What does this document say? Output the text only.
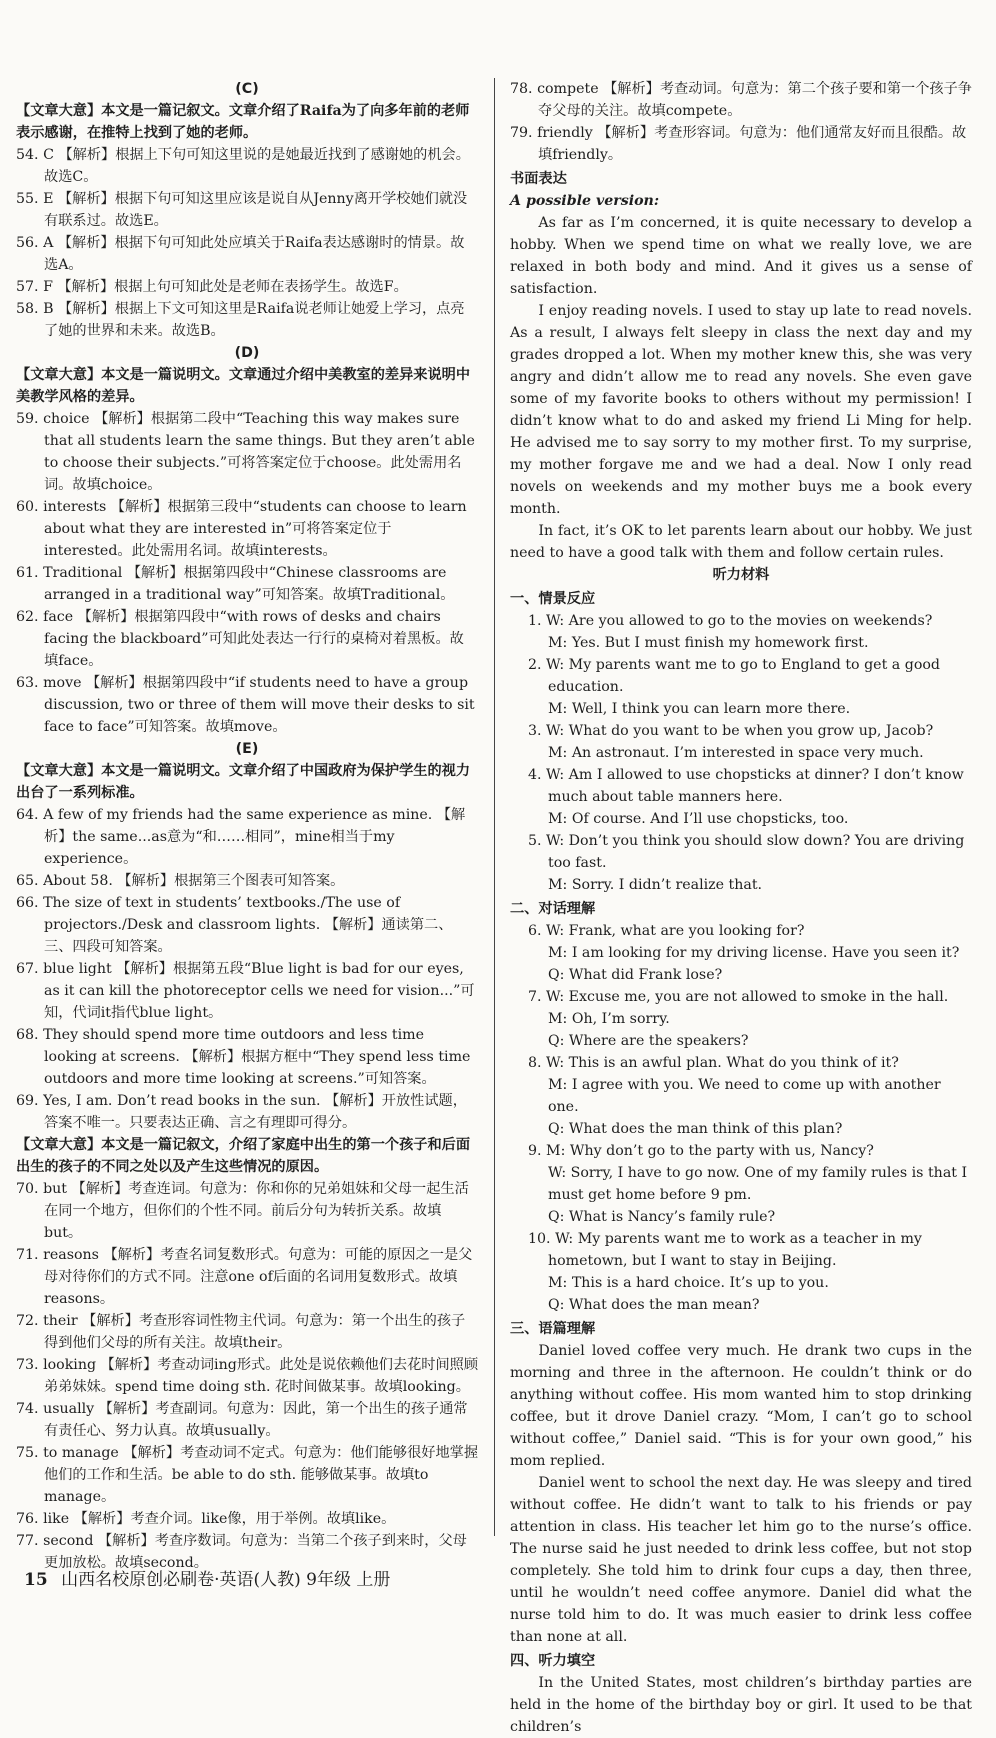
(C)
【文章大意】本文是一篇记叙文。文章介绍了Raifa为了向多年前的老师表示感谢，在推特上找到了她的老师。
54. C 【解析】根据上下句可知这里说的是她最近找到了感谢她的机会。故选C。
55. E 【解析】根据下句可知这里应该是说自从Jenny离开学校她们就没有联系过。故选E。
56. A 【解析】根据下句可知此处应填关于Raifa表达感谢时的情景。故选A。
57. F 【解析】根据上句可知此处是老师在表扬学生。故选F。
58. B 【解析】根据上下文可知这里是Raifa说老师让她爱上学习，点亮了她的世界和未来。故选B。
(D)
【文章大意】本文是一篇说明文。文章通过介绍中美教室的差异来说明中美教学风格的差异。
59. choice 【解析】根据第二段中“Teaching this way makes sure that all students learn the same things. But they aren’t able to choose their subjects.”可将答案定位于choose。此处需用名词。故填choice。
60. interests 【解析】根据第三段中“students can choose to learn about what they are interested in”可将答案定位于interested。此处需用名词。故填interests。
61. Traditional 【解析】根据第四段中“Chinese classrooms are arranged in a traditional way”可知答案。故填Traditional。
62. face 【解析】根据第四段中“with rows of desks and chairs facing the blackboard”可知此处表达一行行的桌椅对着黑板。故填face。
63. move 【解析】根据第四段中“if students need to have a group discussion, two or three of them will move their desks to sit face to face”可知答案。故填move。
(E)
【文章大意】本文是一篇说明文。文章介绍了中国政府为保护学生的视力出台了一系列标准。
64. A few of my friends had the same experience as mine. 【解析】the same...as意为“和……相同”，mine相当于my experience。
65. About 58. 【解析】根据第三个图表可知答案。
66. The size of text in students’ textbooks./The use of projectors./Desk and classroom lights. 【解析】通读第二、三、四段可知答案。
67. blue light 【解析】根据第五段“Blue light is bad for our eyes, as it can kill the photoreceptor cells we need for vision...”可知，代词it指代blue light。
68. They should spend more time outdoors and less time looking at screens. 【解析】根据方框中“They spend less time outdoors and more time looking at screens.”可知答案。
69. Yes, I am. Don’t read books in the sun. 【解析】开放性试题，答案不唯一。只要表达正确、言之有理即可得分。
【文章大意】本文是一篇记叙文，介绍了家庭中出生的第一个孩子和后面出生的孩子的不同之处以及产生这些情况的原因。
70. but 【解析】考查连词。句意为：你和你的兄弟姐妹和父母一起生活在同一个地方，但你们的个性不同。前后分句为转折关系。故填but。
71. reasons 【解析】考查名词复数形式。句意为：可能的原因之一是父母对待你们的方式不同。注意one of后面的名词用复数形式。故填reasons。
72. their 【解析】考查形容词性物主代词。句意为：第一个出生的孩子得到他们父母的所有关注。故填their。
73. looking 【解析】考查动词ing形式。此处是说依赖他们去花时间照顾弟弟妹妹。spend time doing sth. 花时间做某事。故填looking。
74. usually 【解析】考查副词。句意为：因此，第一个出生的孩子通常有责任心、努力认真。故填usually。
75. to manage 【解析】考查动词不定式。句意为：他们能够很好地掌握他们的工作和生活。be able to do sth. 能够做某事。故填to manage。
76. like 【解析】考查介词。like像，用于举例。故填like。
77. second 【解析】考查序数词。句意为：当第二个孩子到来时，父母更加放松。故填second。
78. compete 【解析】考查动词。句意为：第二个孩子要和第一个孩子争夺父母的关注。故填compete。
79. friendly 【解析】考查形容词。句意为：他们通常友好而且很酷。故填friendly。
书面表达
A possible version:
As far as I’m concerned, it is quite necessary to develop a hobby. When we spend time on what we really love, we are relaxed in both body and mind. And it gives us a sense of satisfaction.
I enjoy reading novels. I used to stay up late to read novels. As a result, I always felt sleepy in class the next day and my grades dropped a lot. When my mother knew this, she was very angry and didn’t allow me to read any novels. She even gave some of my favorite books to others without my permission! I didn’t know what to do and asked my friend Li Ming for help. He advised me to say sorry to my mother first. To my surprise, my mother forgave me and we had a deal. Now I only read novels on weekends and my mother buys me a book every month.
In fact, it’s OK to let parents learn about our hobby. We just need to have a good talk with them and follow certain rules.
听力材料
一、情景反应
1. W: Are you allowed to go to the movies on weekends?
M: Yes. But I must finish my homework first.
2. W: My parents want me to go to England to get a good education.
M: Well, I think you can learn more there.
3. W: What do you want to be when you grow up, Jacob?
M: An astronaut. I’m interested in space very much.
4. W: Am I allowed to use chopsticks at dinner? I don’t know much about table manners here.
M: Of course. And I’ll use chopsticks, too.
5. W: Don’t you think you should slow down? You are driving too fast.
M: Sorry. I didn’t realize that.
二、对话理解
6. W: Frank, what are you looking for?
M: I am looking for my driving license. Have you seen it?
Q: What did Frank lose?
7. W: Excuse me, you are not allowed to smoke in the hall.
M: Oh, I’m sorry.
Q: Where are the speakers?
8. W: This is an awful plan. What do you think of it?
M: I agree with you. We need to come up with another one.
Q: What does the man think of this plan?
9. M: Why don’t go to the party with us, Nancy?
W: Sorry, I have to go now. One of my family rules is that I must get home before 9 pm.
Q: What is Nancy’s family rule?
10. W: My parents want me to work as a teacher in my hometown, but I want to stay in Beijing.
M: This is a hard choice. It’s up to you.
Q: What does the man mean?
三、语篇理解
Daniel loved coffee very much. He drank two cups in the morning and three in the afternoon. He couldn’t think or do anything without coffee. His mom wanted him to stop drinking coffee, but it drove Daniel crazy. “Mom, I can’t go to school without coffee,” Daniel said. “This is for your own good,” his mom replied.
Daniel went to school the next day. He was sleepy and tired without coffee. He didn’t want to talk to his friends or pay attention in class. His teacher let him go to the nurse’s office. The nurse said he just needed to drink less coffee, but not stop completely. She told him to drink four cups a day, then three, until he wouldn’t need coffee anymore. Daniel did what the nurse told him to do. It was much easier to drink less coffee than none at all.
四、听力填空
In the United States, most children’s birthday parties are held in the home of the birthday boy or girl. It used to be that children’s
15 山西名校原创必刷卷·英语(人教) 9年级 上册
